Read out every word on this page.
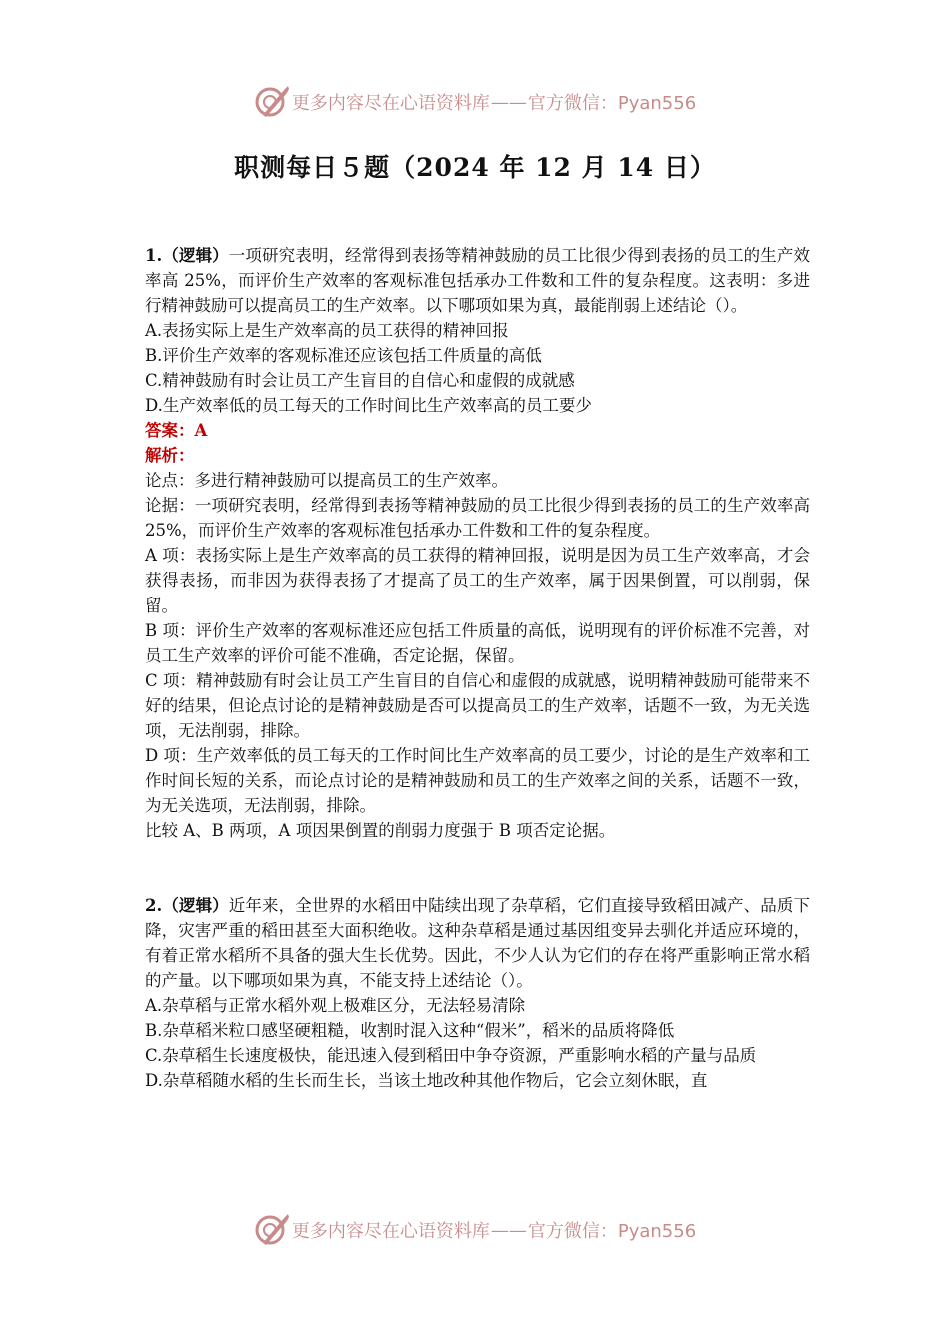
更多内容尽在心语资料库 —— 官方微信：Pyan556
职测每日５题（2024 年 12 月 14 日）

1.（逻辑）一项研究表明，经常得到表扬等精神鼓励的员工比很少得到表扬的员工的生产效率高 25%，而评价生产效率的客观标准包括承办工件数和工件的复杂程度。这表明：多进行精神鼓励可以提高员工的生产效率。以下哪项如果为真，最能削弱上述结论（）。

A.表扬实际上是生产效率高的员工获得的精神回报

B.评价生产效率的客观标准还应该包括工件质量的高低

C.精神鼓励有时会让员工产生盲目的自信心和虚假的成就感

D.生产效率低的员工每天的工作时间比生产效率高的员工要少

答案：A

解析：

论点：多进行精神鼓励可以提高员工的生产效率。

论据：一项研究表明，经常得到表扬等精神鼓励的员工比很少得到表扬的员工的生产效率高 25%，而评价生产效率的客观标准包括承办工件数和工件的复杂程度。

A 项：表扬实际上是生产效率高的员工获得的精神回报，说明是因为员工生产效率高，才会获得表扬，而非因为获得表扬了才提高了员工的生产效率，属于因果倒置，可以削弱，保留。

B 项：评价生产效率的客观标准还应包括工件质量的高低，说明现有的评价标准不完善，对员工生产效率的评价可能不准确，否定论据，保留。

C 项：精神鼓励有时会让员工产生盲目的自信心和虚假的成就感，说明精神鼓励可能带来不好的结果，但论点讨论的是精神鼓励是否可以提高员工的生产效率，话题不一致，为无关选项，无法削弱，排除。

D 项：生产效率低的员工每天的工作时间比生产效率高的员工要少，讨论的是生产效率和工作时间长短的关系，而论点讨论的是精神鼓励和员工的生产效率之间的关系，话题不一致，为无关选项，无法削弱，排除。

比较 A、B 两项，A 项因果倒置的削弱力度强于 B 项否定论据。

2.（逻辑）近年来，全世界的水稻田中陆续出现了杂草稻，它们直接导致稻田减产、品质下降，灾害严重的稻田甚至大面积绝收。这种杂草稻是通过基因组变异去驯化并适应环境的，有着正常水稻所不具备的强大生长优势。因此，不少人认为它们的存在将严重影响正常水稻的产量。以下哪项如果为真，不能支持上述结论（）。

A.杂草稻与正常水稻外观上极难区分，无法轻易清除

B.杂草稻米粒口感坚硬粗糙，收割时混入这种“假米”，稻米的品质将降低

C.杂草稻生长速度极快，能迅速入侵到稻田中争夺资源，严重影响水稻的产量与品质

D.杂草稻随水稻的生长而生长，当该土地改种其他作物后，它会立刻休眠，直

更多内容尽在心语资料库 —— 官方微信：Pyan556
